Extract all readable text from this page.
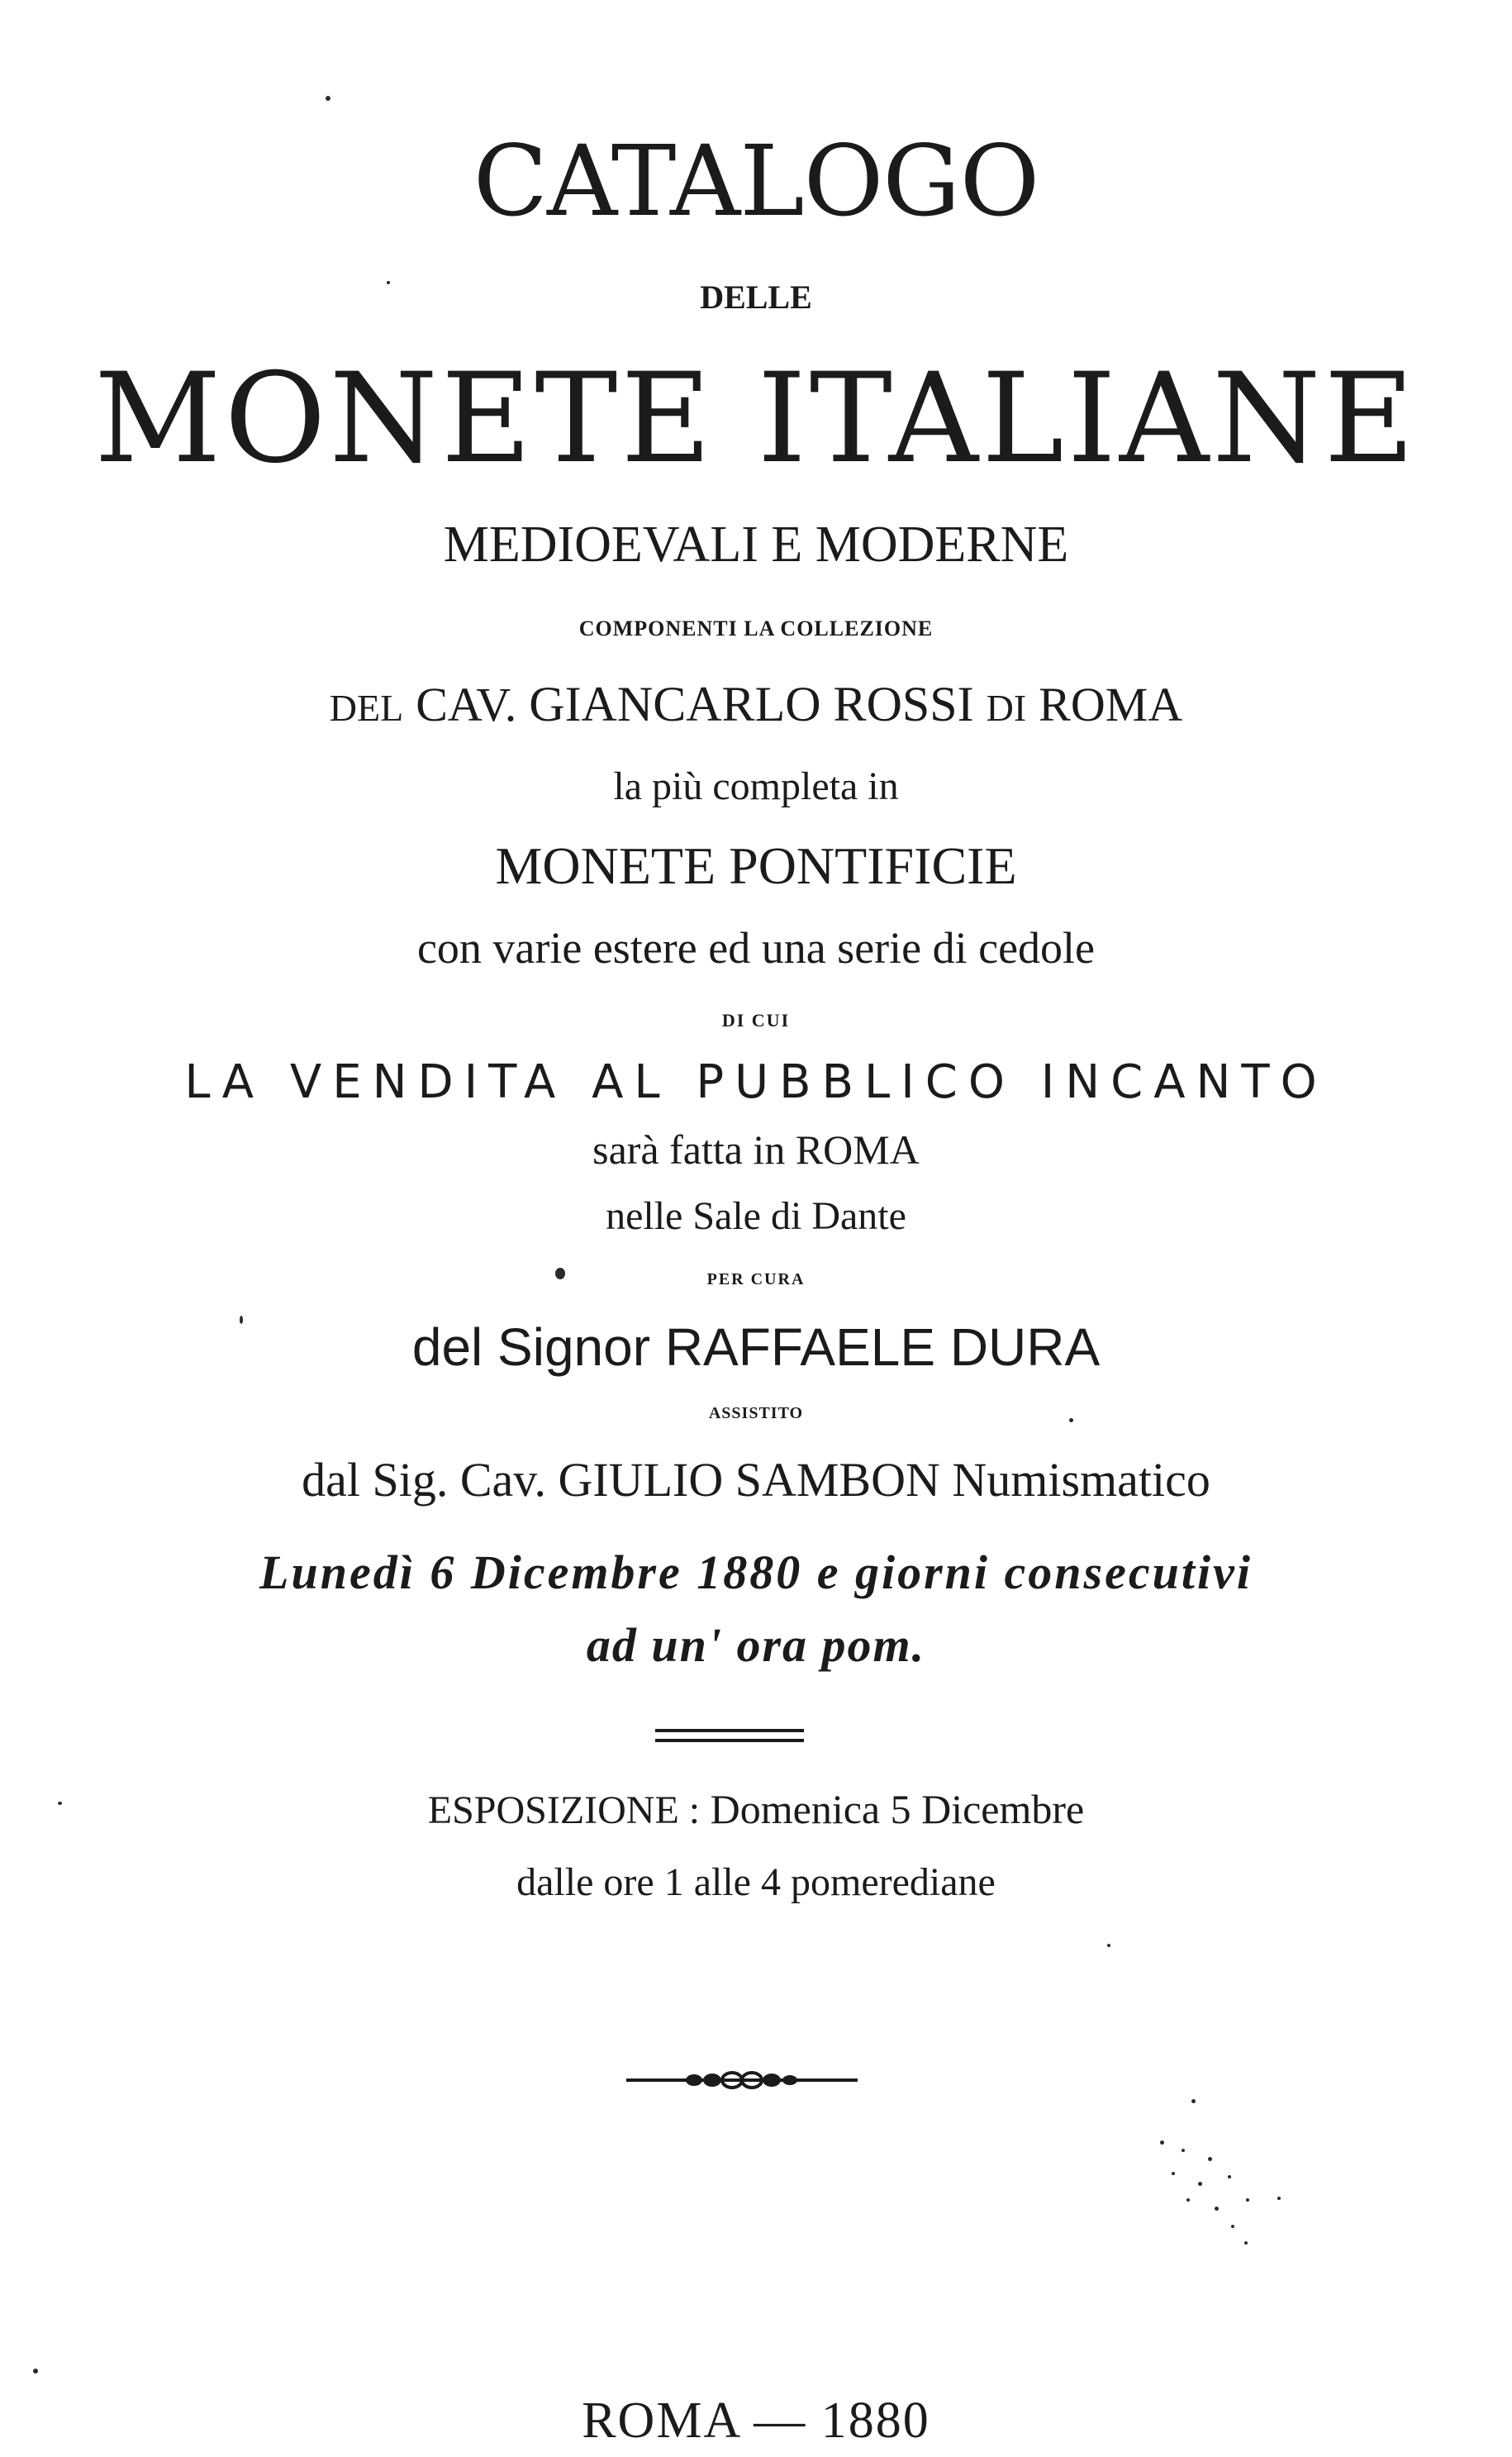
CATALOGO
DELLE
MONETE ITALIANE
MEDIOEVALI E MODERNE
COMPONENTI LA COLLEZIONE
DEL CAV. GIANCARLO ROSSI DI ROMA
la più completa in
MONETE PONTIFICIE
con varie estere ed una serie di cedole
DI CUI
LA VENDITA AL PUBBLICO INCANTO
sarà fatta in ROMA
nelle Sale di Dante
PER CURA
del Signor RAFFAELE DURA
ASSISTITO
dal Sig. Cav. GIULIO SAMBON Numismatico
Lunedì 6 Dicembre 1880 e giorni consecutivi
ad un' ora pom.
ESPOSIZIONE : Domenica 5 Dicembre
dalle ore 1 alle 4 pomerediane
ROMA — 1880
